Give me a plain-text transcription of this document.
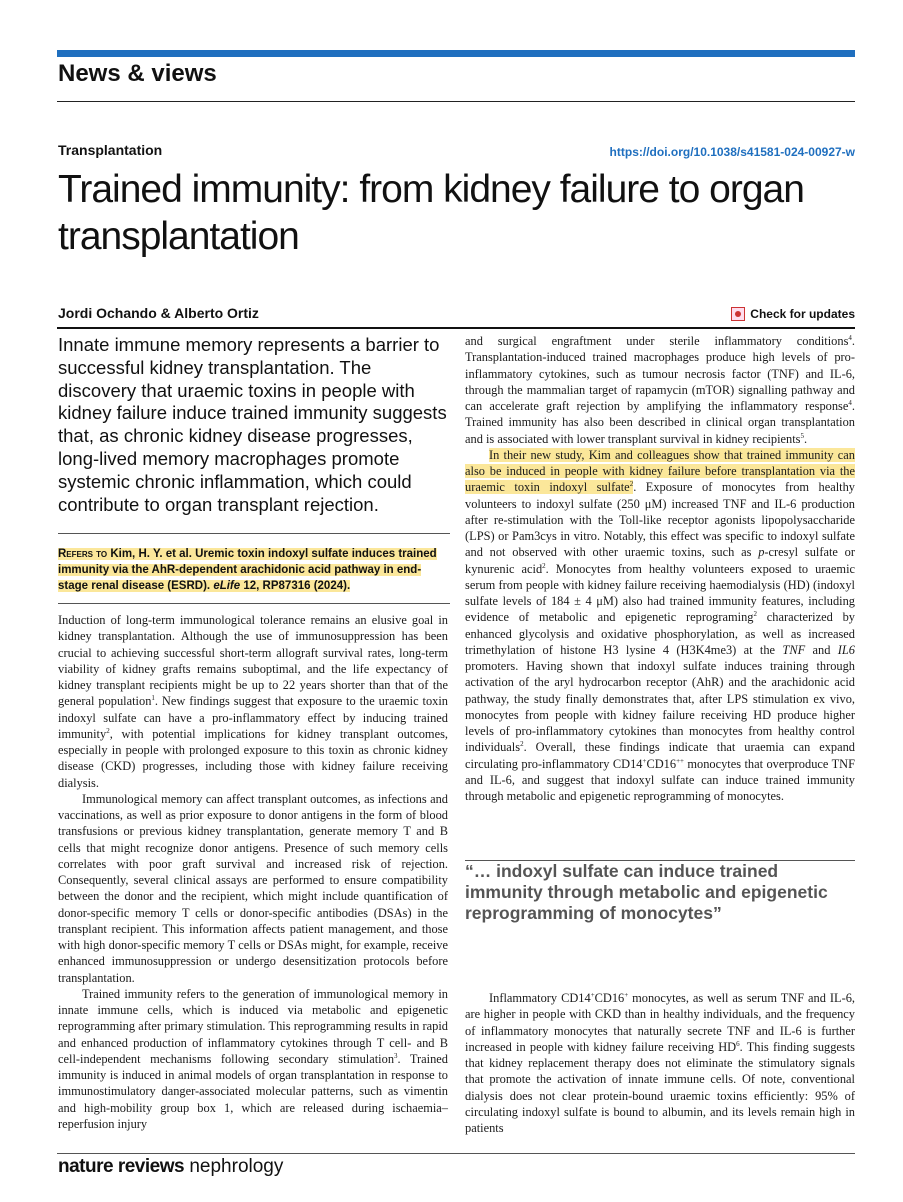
News & views
Transplantation	https://doi.org/10.1038/s41581-024-00927-w
Trained immunity: from kidney failure to organ transplantation
Jordi Ochando & Alberto Ortiz	Check for updates

Innate immune memory represents a barrier to successful kidney transplantation. The discovery that uraemic toxins in people with kidney failure induce trained immunity suggests that, as chronic kidney disease progresses, long-lived memory macrophages promote systemic chronic inflammation, which could contribute to organ transplant rejection.

Refers to Kim, H. Y. et al. Uremic toxin indoxyl sulfate induces trained immunity via the AhR-dependent arachidonic acid pathway in end-stage renal disease (ESRD). eLife 12, RP87316 (2024).

Induction of long-term immunological tolerance remains an elusive goal in kidney transplantation. Although the use of immunosuppression has been crucial to achieving successful short-term allograft survival rates, long-term viability of kidney grafts remains suboptimal, and the life expectancy of kidney transplant recipients might be up to 22 years shorter than that of the general population$^1$. New findings suggest that exposure to the uraemic toxin indoxyl sulfate can have a pro-inflammatory effect by inducing trained immunity$^2$, with potential implications for kidney transplant outcomes, especially in people with prolonged exposure to this toxin as chronic kidney disease (CKD) progresses, including those with kidney failure receiving dialysis.
Immunological memory can affect transplant outcomes, as infections and vaccinations, as well as prior exposure to donor antigens in the form of blood transfusions or previous kidney transplantation, generate memory T and B cells that might recognize donor antigens. Presence of such memory cells correlates with poor graft survival and increased risk of rejection. Consequently, several clinical assays are performed to ensure compatibility between the donor and the recipient, which might include quantification of donor-specific memory T cells or donor-specific antibodies (DSAs) in the transplant recipient. This information affects patient management, and those with high donor-specific memory T cells or DSAs might, for example, receive enhanced immunosuppression or undergo desensitization protocols before transplantation.
Trained immunity refers to the generation of immunological memory in innate immune cells, which is induced via metabolic and epigenetic reprogramming after primary stimulation. This reprogramming results in rapid and enhanced production of inflammatory cytokines through T cell- and B cell-independent mechanisms following secondary stimulation$^3$. Trained immunity is induced in animal models of organ transplantation in response to immunostimulatory danger-associated molecular patterns, such as vimentin and high-mobility group box 1, which are released during ischaemia–reperfusion injury

and surgical engraftment under sterile inflammatory conditions$^4$. Transplantation-induced trained macrophages produce high levels of pro-inflammatory cytokines, such as tumour necrosis factor (TNF) and IL-6, through the mammalian target of rapamycin (mTOR) signalling pathway and can accelerate graft rejection by amplifying the inflammatory response$^4$. Trained immunity has also been described in clinical organ transplantation and is associated with lower transplant survival in kidney recipients$^5$.

In their new study, Kim and colleagues show that trained immunity can also be induced in people with kidney failure before transplantation via the uraemic toxin indoxyl sulfate$^2$. Exposure of monocytes from healthy volunteers to indoxyl sulfate (250 μM) increased TNF and IL-6 production after re-stimulation with the Toll-like receptor agonists lipopolysaccharide (LPS) or Pam3cys in vitro. Notably, this effect was specific to indoxyl sulfate and not observed with other uraemic toxins, such as p-cresyl sulfate or kynurenic acid$^2$. Monocytes from healthy volunteers exposed to uraemic serum from people with kidney failure receiving haemodialysis (HD) (indoxyl sulfate levels of 184 ± 4 μM) also had trained immunity features, including evidence of metabolic and epigenetic reprograming$^2$ characterized by enhanced glycolysis and oxidative phosphorylation, as well as increased trimethylation of histone H3 lysine 4 (H3K4me3) at the TNF and IL6 promoters. Having shown that indoxyl sulfate induces training through activation of the aryl hydrocarbon receptor (AhR) and the arachidonic acid pathway, the study finally demonstrates that, after LPS stimulation ex vivo, monocytes from people with kidney failure receiving HD produce higher levels of pro-inflammatory cytokines than monocytes from healthy control individuals$^2$. Overall, these findings indicate that uraemia can expand circulating pro-inflammatory CD14+CD16++ monocytes that overproduce TNF and IL-6, and suggest that indoxyl sulfate can induce trained immunity through metabolic and epigenetic reprogramming of monocytes.

“… indoxyl sulfate can induce trained immunity through metabolic and epigenetic reprogramming of monocytes”

Inflammatory CD14+CD16+ monocytes, as well as serum TNF and IL-6, are higher in people with CKD than in healthy individuals, and the frequency of inflammatory monocytes that naturally secrete TNF and IL-6 is further increased in people with kidney failure receiving $HD^6$. This finding suggests that kidney replacement therapy does not eliminate the stimulatory signals that promote the activation of innate immune cells. Of note, conventional dialysis does not clear protein-bound uraemic toxins efficiently: 95% of circulating indoxyl sulfate is bound to albumin, and its levels remain high in patients

nature reviews nephrology
